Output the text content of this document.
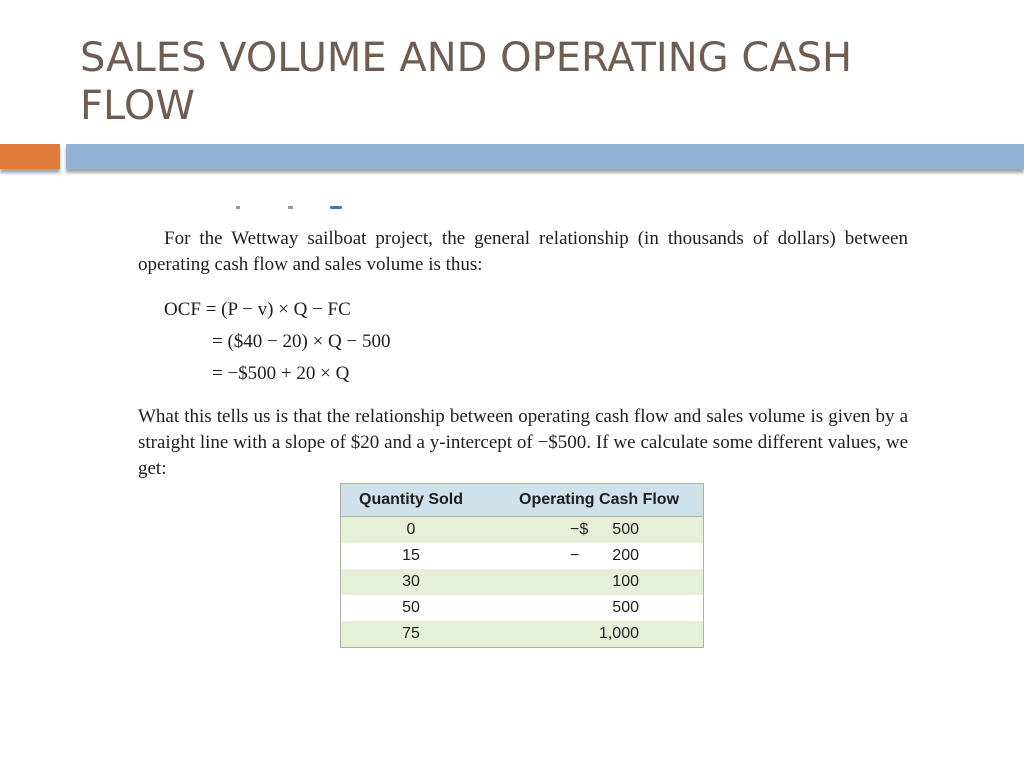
SALES VOLUME AND OPERATING CASH FLOW

For the Wettway sailboat project, the general relationship (in thousands of dollars) between operating cash flow and sales volume is thus:

OCF = (P − v) × Q − FC
= ($40 − 20) × Q − 500
= −$500 + 20 × Q

What this tells us is that the relationship between operating cash flow and sales volume is given by a straight line with a slope of $20 and a y-intercept of −$500. If we calculate some different values, we get:

Quantity Sold	Operating Cash Flow
0	−$ 500

15	− 200

30	100

50	500

75	1,000
